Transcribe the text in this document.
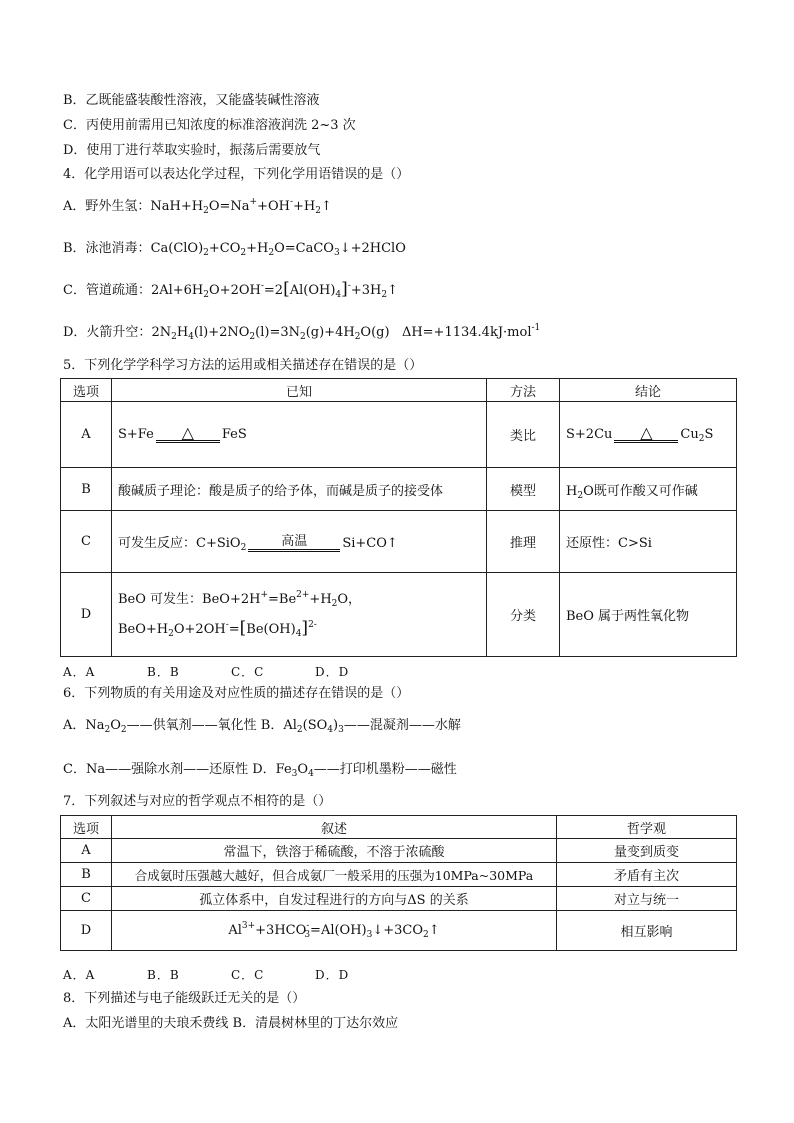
B．乙既能盛装酸性溶液，又能盛装碱性溶液
C．丙使用前需用已知浓度的标准溶液润洗 2~3 次
D．使用丁进行萃取实验时，振荡后需要放气
4．化学用语可以表达化学过程，下列化学用语错误的是（）
A．野外生氢：$NaH+H_2O=Na^++OH^-+H_2↑$
B．泳池消毒：$Ca(ClO)_2+CO_2+H_2O=CaCO_3↓+2HClO$
C．管道疏通：$2Al+6H_2O+2OH^-=2[Al(OH)_4]^-+3H_2↑$
D．火箭升空：$2N_2H_4(l)+2NO_2(l)=3N_2(g)+4H_2O(g)$   ΔH=+1134.4kJ·mol$^{-1}$
5．下列化学学科学习方法的运用或相关描述存在错误的是（）
选项	已知	方法	结论
A	S+Fe △ FeS	类比	S+2Cu △ $Cu_2S$
B	酸碱质子理论：酸是质子的给予体，而碱是质子的接受体	模型	$H_2O$既可作酸又可作碱
C	可发生反应：C+SiO$_2$ 高温 Si+CO↑	推理	还原性：C>Si
D	BeO 可发生：$BeO+2H^+=Be^{2+}+H_2O$，
$BeO+H_2O+2OH^-=[Be(OH)_4]^{2-}$	分类	BeO 属于两性氧化物
A．A	B．B	C．C	D．D
6．下列物质的有关用途及对应性质的描述存在错误的是（）
A．$Na_2O_2——$供氧剂——氧化性 B．$Al_2(SO_4)_3——$混凝剂——水解
C．Na——强除水剂——还原性 D．$Fe_3O_4——$打印机墨粉——磁性
7．下列叙述与对应的哲学观点不相符的是（）
选项	叙述	哲学观
A	常温下，铁溶于稀硫酸，不溶于浓硫酸	量变到质变
B	合成氨时压强越大越好，但合成氨厂一般采用的压强为10MPa~30MPa	矛盾有主次
C	孤立体系中，自发过程进行的方向与ΔS 的关系	对立与统一
D	$Al^{3+}+3HCO^-_3=Al(OH)_3↓+3CO_2↑$	相互影响
A．A	B．B	C．C	D．D
8．下列描述与电子能级跃迁无关的是（）
A．太阳光谱里的夫琅禾费线 B．清晨树林里的丁达尔效应
